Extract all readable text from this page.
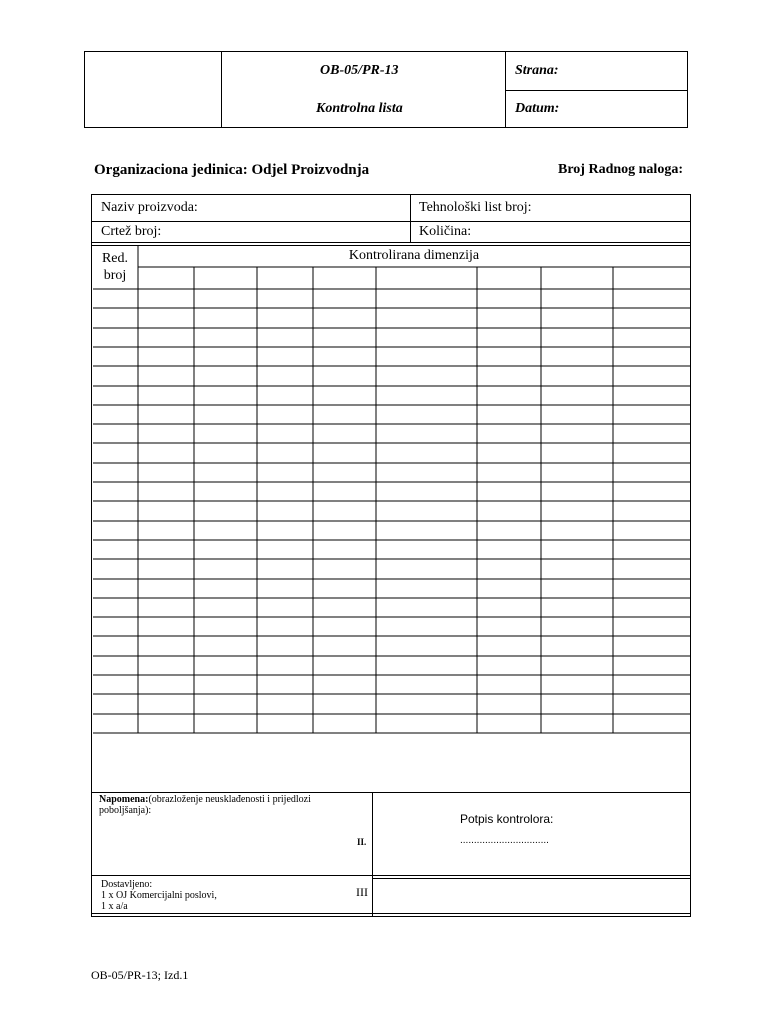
OB-05/PR-13
Kontrolna lista
Strana:
Datum:
Organizaciona jedinica: Odjel Proizvodnja	Broj Radnog naloga:
Naziv proizvoda:	Tehnološki list broj:
Crtež broj:	Količina:
Red.
broj
Kontrolirana dimenzija
Napomena:(obrazloženje neusklađenosti i prijedlozi poboljšanja):
II.
Potpis kontrolora:
................................
Dostavljeno:
1 x OJ Komercijalni poslovi,
1 x a/a
III
OB-05/PR-13; Izd.1
